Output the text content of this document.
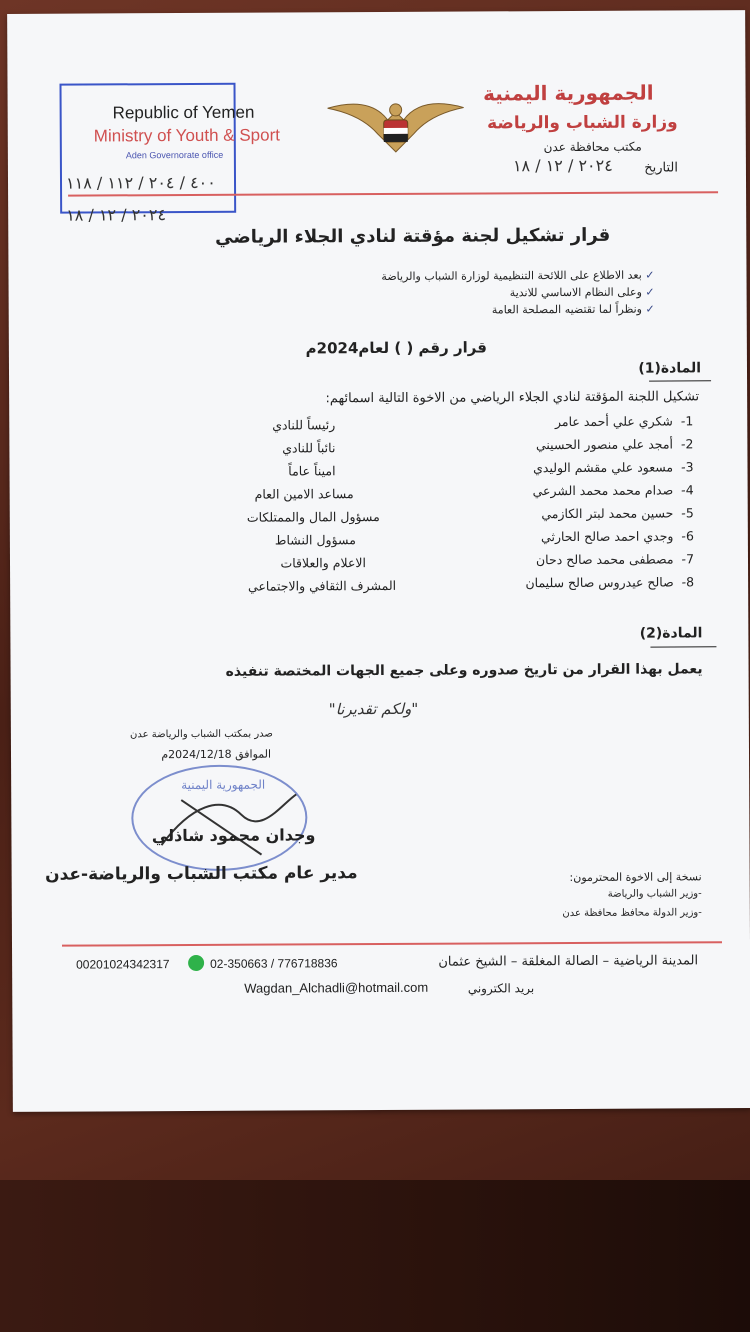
Republic of Yemen
Ministry of Youth & Sport
Aden Governorate office
٤٠٠ / ٢٠٤ / ١١٢ / ١١٨
٢٠٢٤ / ١٢ / ١٨
الجمهورية اليمنية
وزارة الشباب والرياضة
مكتب محافظة عدن
التاريخ
٢٠٢٤ / ١٢ / ١٨
قرار تشكيل لجنة مؤقتة لنادي الجلاء الرياضي
✓ بعد الاطلاع على اللائحة التنظيمية لوزارة الشباب والرياضة
✓ وعلى النظام الاساسي للاندية
✓ ونظراً لما تقتضيه المصلحة العامة
قرار رقم ( ) لعام2024م
المادة(1)
تشكيل اللجنة المؤقتة لنادي الجلاء الرياضي من الاخوة التالية اسمائهم:
1-  شكري علي أحمد عامر
رئيساً للنادي
2-  أمجد علي منصور الحسيني
نائباً للنادي
3-  مسعود علي مقشم الوليدي
اميناً عاماً
4-  صدام محمد محمد الشرعي
مساعد الامين العام
5-  حسين محمد لبتر الكازمي
مسؤول المال والممتلكات
6-  وجدي احمد صالح الحارثي
مسؤول النشاط
7-  مصطفى محمد صالح دحان
الاعلام والعلاقات
8-  صالح عيدروس صالح سليمان
المشرف الثقافي والاجتماعي
المادة(2)
يعمل بهذا القرار من تاريخ صدوره وعلى جميع الجهات المختصة تنفيذه
"ولكم تقديرنا"
صدر بمكتب الشباب والرياضة عدن
الموافق 2024/12/18م
الجمهورية اليمنية
وجدان محمود شاذلي
مدير عام مكتب الشباب والرياضة-عدن	نسخة إلى الاخوة المحترمون:
-وزير الشباب والرياضة
-وزير الدولة محافظ محافظة عدن
المدينة الرياضية – الصالة المغلقة – الشيخ عثمان
02-350663 / 776718836
00201024342317
بريد الكتروني
Wagdan_Alchadli@hotmail.com
